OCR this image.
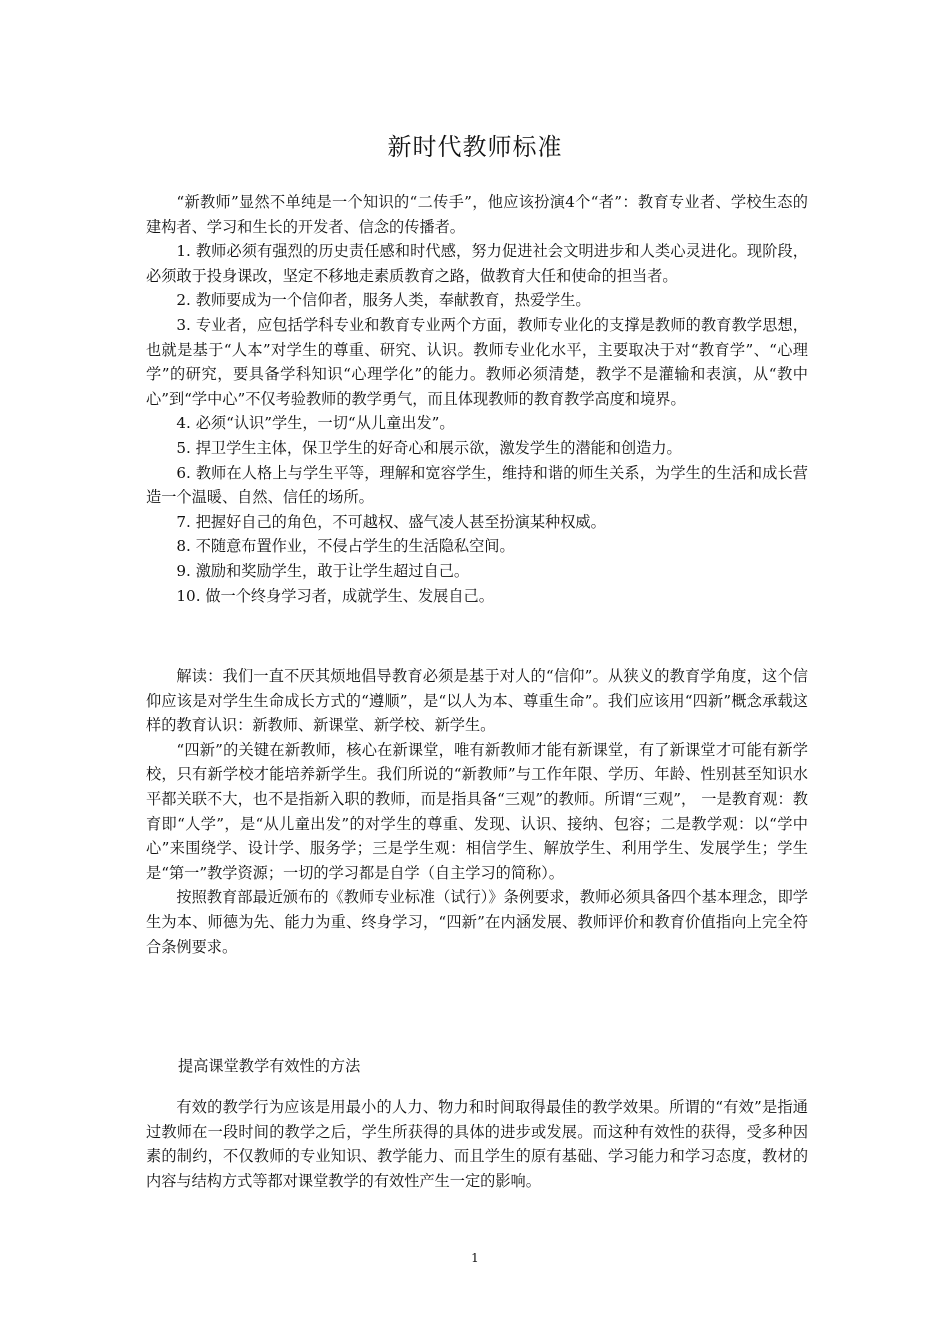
新时代教师标准

“新教师”显然不单纯是一个知识的“二传手”，他应该扮演4个“者”：教育专业者、学校生态的建构者、学习和生长的开发者、信念的传播者。

1. 教师必须有强烈的历史责任感和时代感，努力促进社会文明进步和人类心灵进化。现阶段，必须敢于投身课改，坚定不移地走素质教育之路，做教育大任和使命的担当者。

2. 教师要成为一个信仰者，服务人类，奉献教育，热爱学生。

3. 专业者，应包括学科专业和教育专业两个方面，教师专业化的支撑是教师的教育教学思想，也就是基于“人本”对学生的尊重、研究、认识。教师专业化水平，主要取决于对“教育学”、“心理学”的研究，要具备学科知识“心理学化”的能力。教师必须清楚，教学不是灌输和表演，从“教中心”到“学中心”不仅考验教师的教学勇气，而且体现教师的教育教学高度和境界。

4. 必须“认识”学生，一切“从儿童出发”。

5. 捍卫学生主体，保卫学生的好奇心和展示欲，激发学生的潜能和创造力。

6. 教师在人格上与学生平等，理解和宽容学生，维持和谐的师生关系，为学生的生活和成长营造一个温暖、自然、信任的场所。

7. 把握好自己的角色，不可越权、盛气凌人甚至扮演某种权威。

8. 不随意布置作业，不侵占学生的生活隐私空间。

9. 激励和奖励学生，敢于让学生超过自己。

10. 做一个终身学习者，成就学生、发展自己。

解读：我们一直不厌其烦地倡导教育必须是基于对人的“信仰”。从狭义的教育学角度，这个信仰应该是对学生生命成长方式的“遵顺”，是“以人为本、尊重生命”。我们应该用“四新”概念承载这样的教育认识：新教师、新课堂、新学校、新学生。

“四新”的关键在新教师，核心在新课堂，唯有新教师才能有新课堂，有了新课堂才可能有新学校，只有新学校才能培养新学生。我们所说的“新教师”与工作年限、学历、年龄、性别甚至知识水平都关联不大，也不是指新入职的教师，而是指具备“三观”的教师。所谓“三观”， 一是教育观：教育即“人学”，是“从儿童出发”的对学生的尊重、发现、认识、接纳、包容；二是教学观：以“学中心”来围绕学、设计学、服务学；三是学生观：相信学生、解放学生、利用学生、发展学生；学生是“第一”教学资源；一切的学习都是自学（自主学习的简称）。

按照教育部最近颁布的《教师专业标准（试行）》条例要求，教师必须具备四个基本理念，即学生为本、师德为先、能力为重、终身学习，“四新”在内涵发展、教师评价和教育价值指向上完全符合条例要求。

提高课堂教学有效性的方法

有效的教学行为应该是用最小的人力、物力和时间取得最佳的教学效果。所谓的“有效”是指通过教师在一段时间的教学之后，学生所获得的具体的进步或发展。而这种有效性的获得，受多种因素的制约，不仅教师的专业知识、教学能力、而且学生的原有基础、学习能力和学习态度，教材的内容与结构方式等都对课堂教学的有效性产生一定的影响。

1
